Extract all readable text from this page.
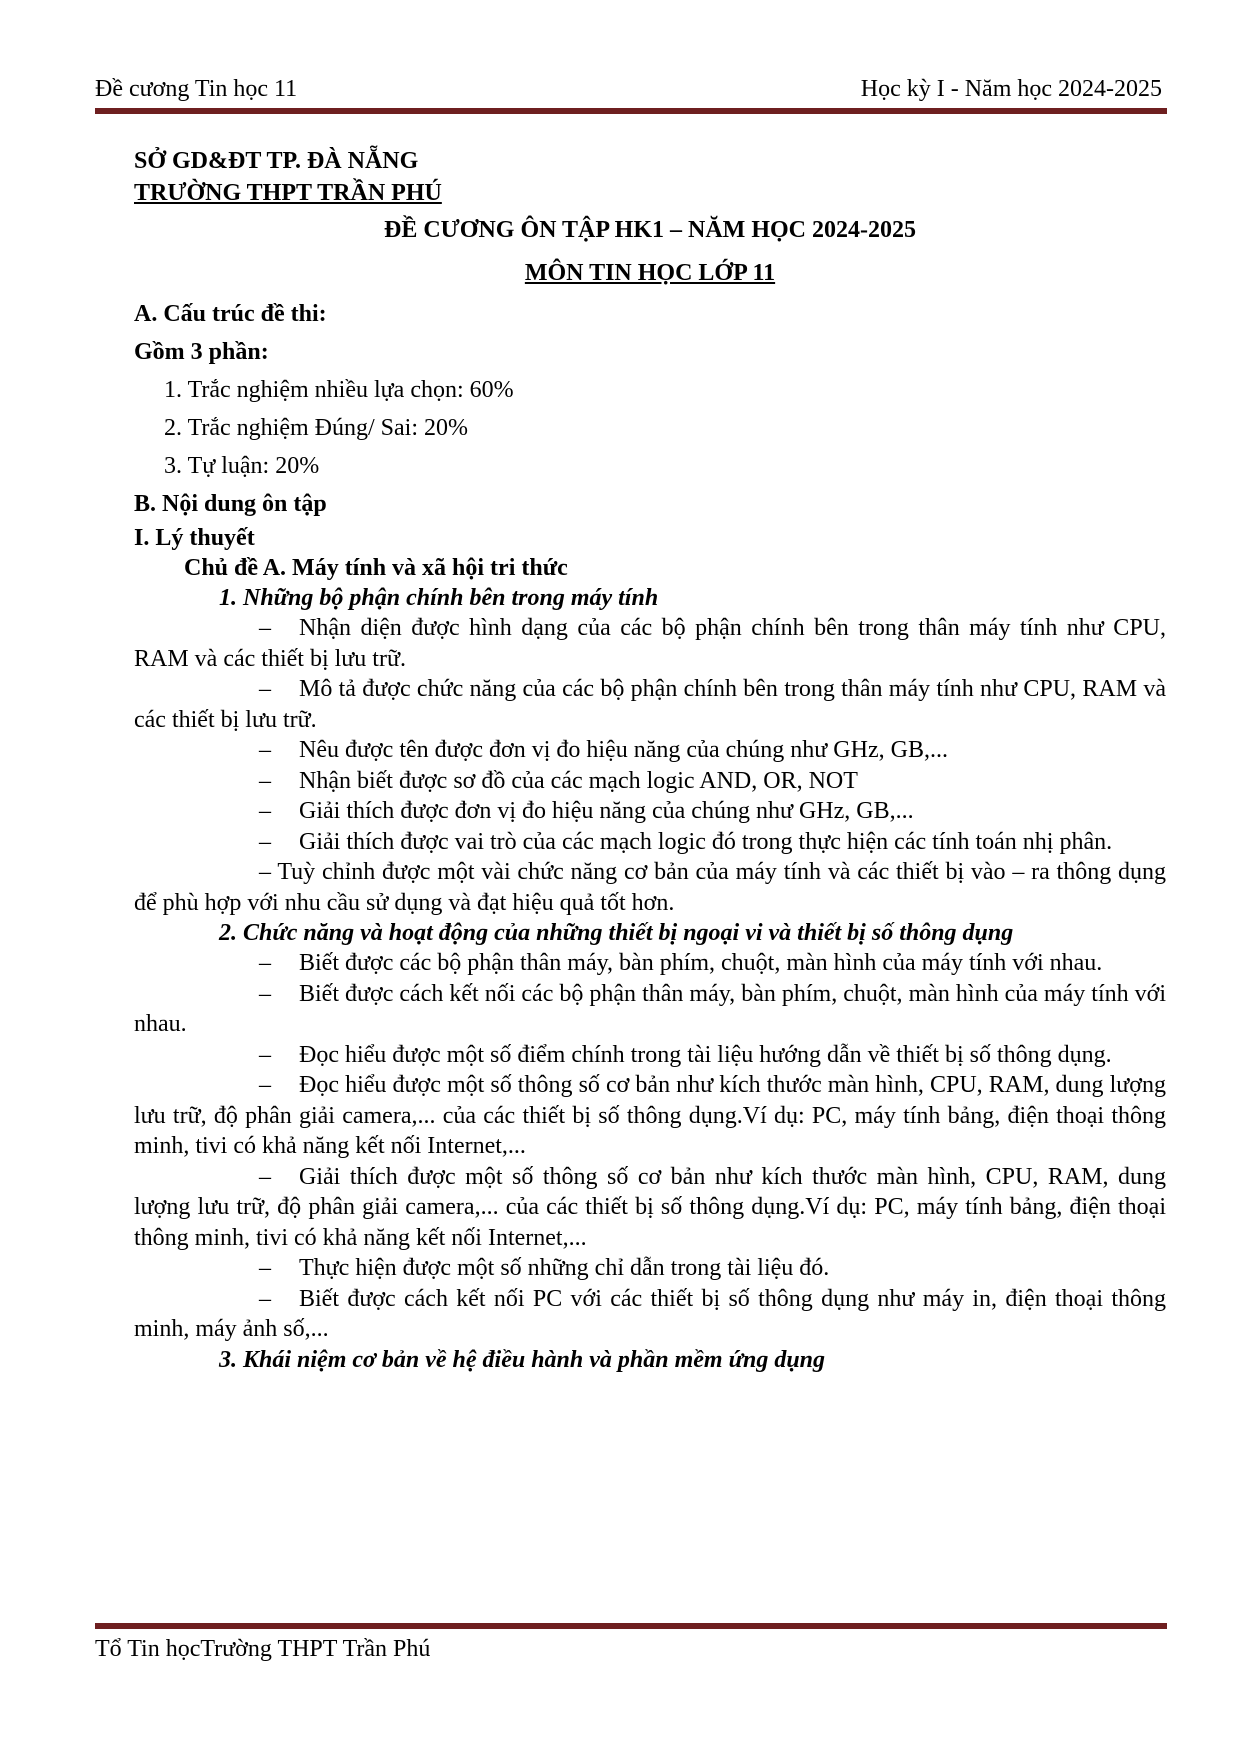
Đề cương Tin học 11	Học kỳ I - Năm học 2024-2025

SỞ GD&ĐT TP. ĐÀ NẴNG

TRƯỜNG THPT TRẦN PHÚ

ĐỀ CƯƠNG ÔN TẬP HK1 – NĂM HỌC 2024-2025

MÔN TIN HỌC LỚP 11

A. Cấu trúc đề thi:

Gồm 3 phần:

1. Trắc nghiệm nhiều lựa chọn: 60%

2. Trắc nghiệm Đúng/ Sai: 20%

3. Tự luận: 20%

B. Nội dung ôn tập

I. Lý thuyết

Chủ đề A. Máy tính và xã hội tri thức

1. Những bộ phận chính bên trong máy tính

– Nhận diện được hình dạng của các bộ phận chính bên trong thân máy tính như CPU, RAM và các thiết bị lưu trữ.

– Mô tả được chức năng của các bộ phận chính bên trong thân máy tính như CPU, RAM và các thiết bị lưu trữ.

– Nêu được tên được đơn vị đo hiệu năng của chúng như GHz, GB,...

– Nhận biết được sơ đồ của các mạch logic AND, OR, NOT

– Giải thích được đơn vị đo hiệu năng của chúng như GHz, GB,...

– Giải thích được vai trò của các mạch logic đó trong thực hiện các tính toán nhị phân.

– Tuỳ chỉnh được một vài chức năng cơ bản của máy tính và các thiết bị vào – ra thông dụng để phù hợp với nhu cầu sử dụng và đạt hiệu quả tốt hơn.

2. Chức năng và hoạt động của những thiết bị ngoại vi và thiết bị số thông dụng

– Biết được các bộ phận thân máy, bàn phím, chuột, màn hình của máy tính với nhau.

– Biết được cách kết nối các bộ phận thân máy, bàn phím, chuột, màn hình của máy tính với nhau.

– Đọc hiểu được một số điểm chính trong tài liệu hướng dẫn về thiết bị số thông dụng.

– Đọc hiểu được một số thông số cơ bản như kích thước màn hình, CPU, RAM, dung lượng lưu trữ, độ phân giải camera,... của các thiết bị số thông dụng.Ví dụ: PC, máy tính bảng, điện thoại thông minh, tivi có khả năng kết nối Internet,...

– Giải thích được một số thông số cơ bản như kích thước màn hình, CPU, RAM, dung lượng lưu trữ, độ phân giải camera,... của các thiết bị số thông dụng.Ví dụ: PC, máy tính bảng, điện thoại thông minh, tivi có khả năng kết nối Internet,...

– Thực hiện được một số những chỉ dẫn trong tài liệu đó.

– Biết được cách kết nối PC với các thiết bị số thông dụng như máy in, điện thoại thông minh, máy ảnh số,...

3. Khái niệm cơ bản về hệ điều hành và phần mềm ứng dụng

Tổ Tin họcTrường THPT Trần Phú
